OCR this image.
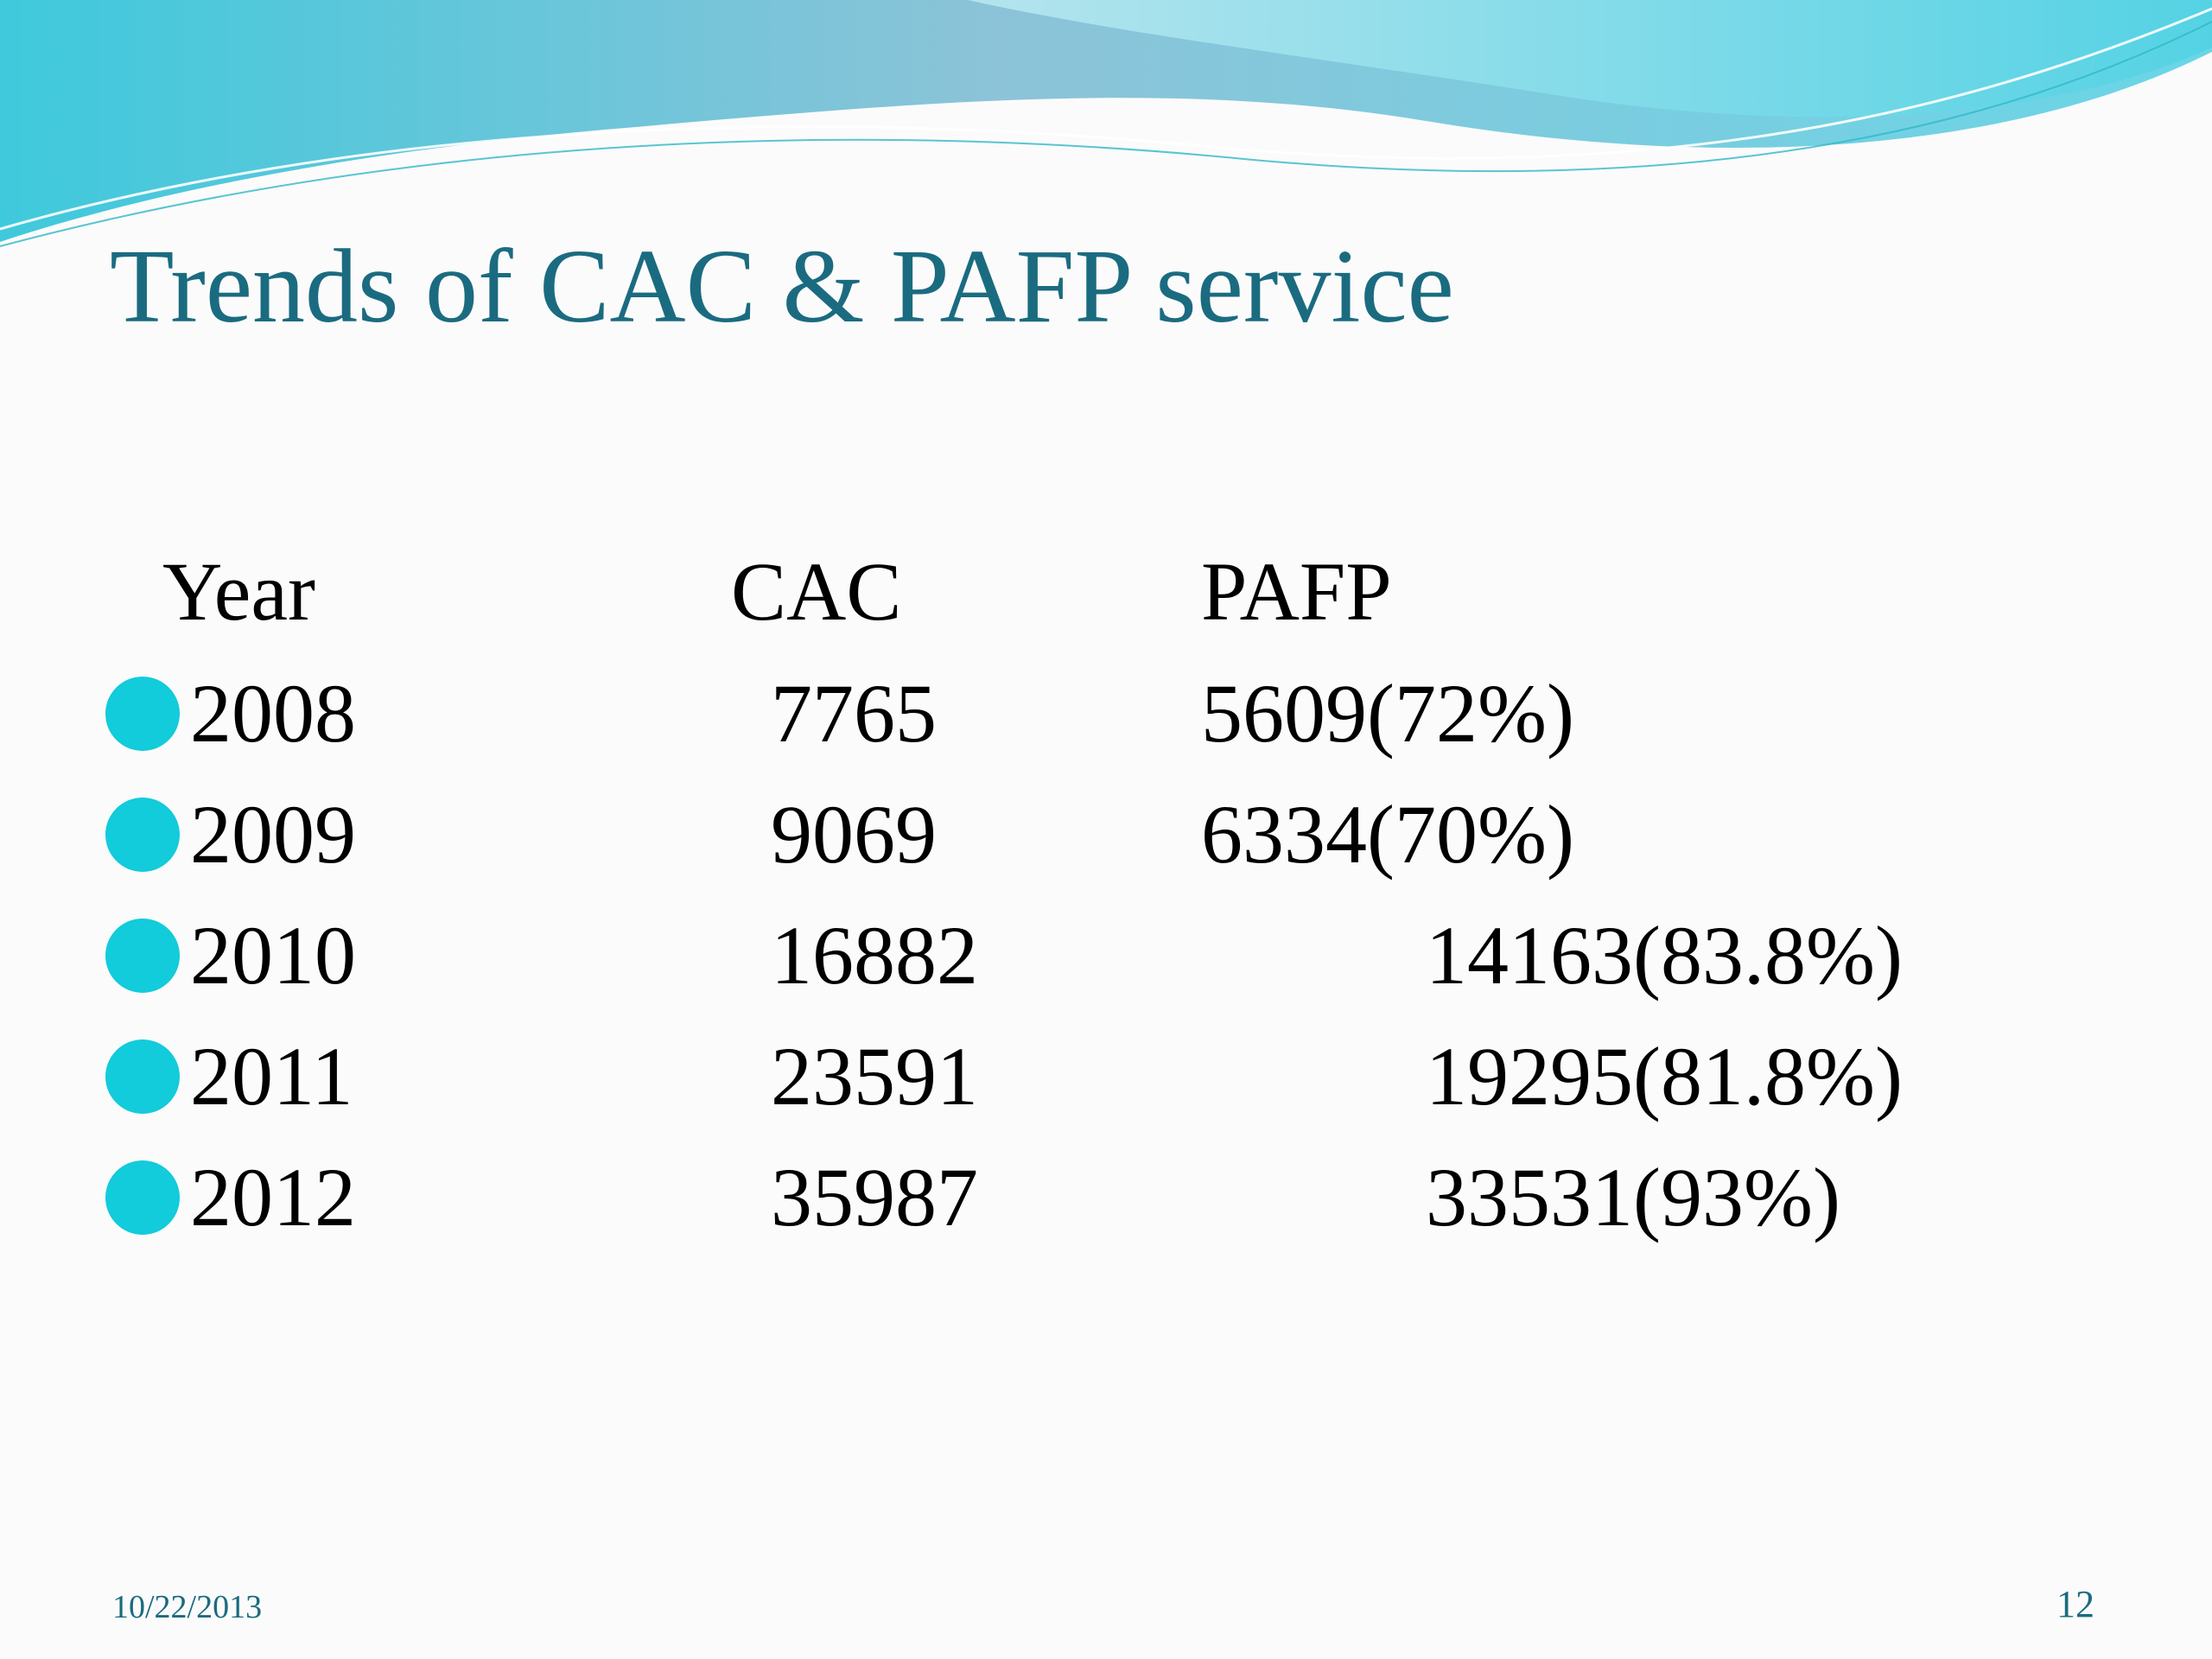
Trends of CAC & PAFP service
Year	CAC	PAFP
2008	7765	5609(72%)
2009	9069	6334(70%)
2010	16882	14163(83.8%)
2011	23591	19295(81.8%)
2012	35987	33531(93%)
10/22/2013	12
